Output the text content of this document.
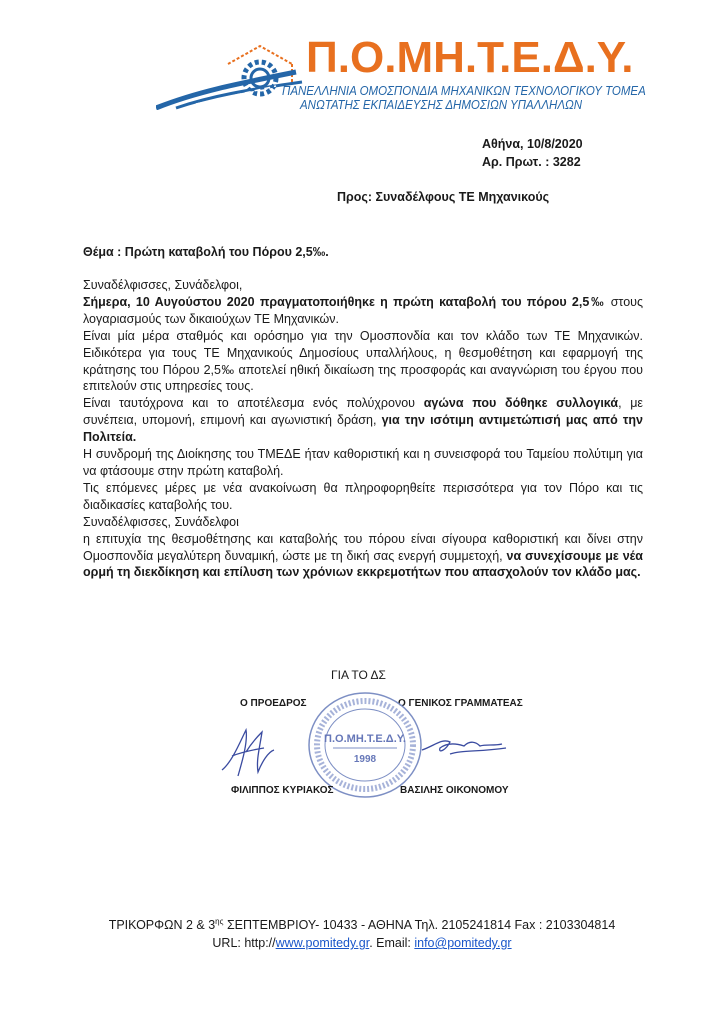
Π.Ο.ΜΗ.Τ.Ε.Δ.Υ.
ΠΑΝΕΛΛΗΝΙΑ ΟΜΟΣΠΟΝΔΙΑ ΜΗΧΑΝΙΚΩΝ ΤΕΧΝΟΛΟΓΙΚΟΥ ΤΟΜΕΑ
ΑΝΩΤΑΤΗΣ ΕΚΠΑΙΔΕΥΣΗΣ ΔΗΜΟΣΙΩΝ ΥΠΑΛΛΗΛΩΝ
Αθήνα, 10/8/2020
Αρ. Πρωτ. : 3282
Προς: Συναδέλφους ΤΕ Μηχανικούς
Θέμα : Πρώτη καταβολή του Πόρου 2,5‰.

Συναδέλφισσες, Συνάδελφοι,

Σήμερα, 10 Αυγούστου 2020 πραγματοποιήθηκε η πρώτη καταβολή του πόρου 2,5‰ στους λογαριασμούς των δικαιούχων ΤΕ Μηχανικών.

Είναι μία μέρα σταθμός και ορόσημο για την Ομοσπονδία και τον κλάδο των ΤΕ Μηχανικών. Ειδικότερα για τους ΤΕ Μηχανικούς Δημοσίους υπαλλήλους, η θεσμοθέτηση και εφαρμογή της κράτησης του Πόρου 2,5‰ αποτελεί ηθική δικαίωση της προσφοράς και αναγνώριση του έργου που επιτελούν στις υπηρεσίες τους.

Είναι ταυτόχρονα και το αποτέλεσμα ενός πολύχρονου αγώνα που δόθηκε συλλογικά, με συνέπεια, υπομονή, επιμονή και αγωνιστική δράση, για την ισότιμη αντιμετώπισή μας από την Πολιτεία.

Η συνδρομή της Διοίκησης του ΤΜΕΔΕ ήταν καθοριστική και η συνεισφορά του Ταμείου πολύτιμη για να φτάσουμε στην πρώτη καταβολή.

Τις επόμενες μέρες με νέα ανακοίνωση θα πληροφορηθείτε περισσότερα για τον Πόρο και τις διαδικασίες καταβολής του.

Συναδέλφισσες, Συνάδελφοι

η επιτυχία της θεσμοθέτησης και καταβολής του πόρου είναι σίγουρα καθοριστική και δίνει στην Ομοσπονδία μεγαλύτερη δυναμική, ώστε με τη δική σας ενεργή συμμετοχή, να συνεχίσουμε με νέα ορμή τη διεκδίκηση και επίλυση των χρόνιων εκκρεμοτήτων που απασχολούν τον κλάδο μας.

ΓΙΑ ΤΟ ΔΣ
Ο ΠΡΟΕΔΡΟΣ	Ο ΓΕΝΙΚΟΣ ΓΡΑΜΜΑΤΕΑΣ
Π.Ο.ΜΗ.Τ.Ε.Δ.Υ.
1998
ΦΙΛΙΠΠΟΣ ΚΥΡΙΑΚΟΣ	ΒΑΣΙΛΗΣ ΟΙΚΟΝΟΜΟΥ
ΤΡΙΚΟΡΦΩΝ 2 & $3^{\eta\varsigma}$ ΣΕΠΤΕΜΒΡΙΟΥ- 10433 - ΑΘΗΝΑ Τηλ. 2105241814 Fax : 2103304814
URL: http://www.pomitedy.gr. Email: info@pomitedy.gr
